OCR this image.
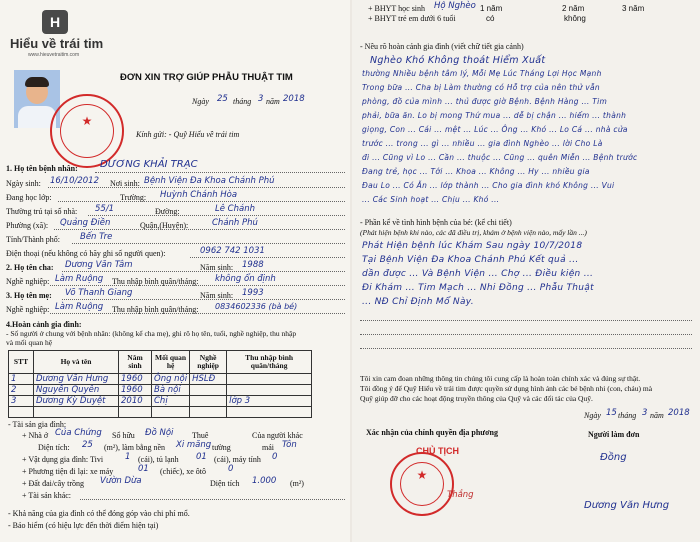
H
Hiểu về trái tim
www.hieuvetraitim.com
★
ĐƠN XIN TRỢ GIÚP PHẪU THUẬT TIM
Ngày 25 tháng 3 năm 2018
Kính gửi: - Quỹ Hiểu về trái tim
1. Họ tên bệnh nhân: DƯƠNG KHẢI TRẠC
Ngày sinh: 16/10/2012 Nơi sinh: Bệnh Viện Đa Khoa Chánh Phú
Đang học lớp:	Trường: Huỳnh Chánh Hòa
Thường trú tại số nhà: 55/1	Đường:	Lê Chánh
Phường (xã): Quảng Điền	Quận,(Huyện):	Chánh Phú
Tỉnh/Thành phố: Bến Tre
Điện thoại (nếu không có hãy ghi số người quen):	0962 742 1031
2. Họ tên cha: Dương Văn Tâm	Năm sinh: 1988
Nghề nghiệp: Làm Ruộng Thu nhập bình quân/tháng: không ổn định
3. Họ tên mẹ: Võ Thanh Giang	Năm sinh: 1993
Nghề nghiệp: Làm Ruộng Thu nhập bình quân/tháng: 0834602336 (bà bé)
4.Hoàn cảnh gia đình:
- Số người ở chung với bệnh nhân: (không kể cha mẹ), ghi rõ họ tên, tuổi, nghề nghiệp, thu nhập
và mối quan hệ
STT	Họ và tên	Năm sinh	Mối quan hệ	Nghề nghiệp	Thu nhập bình quân/tháng
1	Dương Văn Hưng	1960	Ông nội	HSLĐ	
2	Nguyễn Quyên	1960	Bà nội		
3	Dương Kỳ Duyệt	2010	Chị		lớp 3

- Tài sản gia đình:
+ Nhà ở Của Chứng Sổ hữu Đồ Nội Thuê	Của người khác
Diện tích: 25 (m²), làm bằng nền Xi măng tường	mái Tôn
+ Vật dụng gia đình: Tivi	1 (cái), tủ lạnh 01 (cái), máy tính 0
+ Phương tiện đi lại: xe máy	01 (chiếc), xe ôtô	0
+ Đất đai/cây trồng Vườn Dừa	Diện tích 1.000 (m²)
+ Tài sản khác:
- Khả năng của gia đình có thể đóng góp vào chi phí mổ.
- Bảo hiểm (có hiệu lực đến thời điểm hiện tại)
+ BHYT học sinh Hộ Nghèo
+ BHYT trẻ em dưới 6 tuổi
1 năm
có
2 năm
không
3 năm
- Nêu rõ hoàn cảnh gia đình (viết chữ tiết gia cảnh)
Nghèo Khó Không thoát Hiểm Xuất
thường Nhiều bệnh tâm lý, Mỗi Mẹ Lúc Tháng Lợi Học Mạnh
Trong bữa ... Cha bị Làm thường có Hỗ trợ của nên thử vẫn
phòng, đồ của mình ... thủ được giờ Bệnh. Bệnh Hàng ... Tim
phải, bữa ăn. Lo bị mong Thứ mua ... dễ bị chận ... hiếm ... thành
giọng, Con ... Cái ... mệt ... Lúc ... Ông ... Khó ... Lo Cá ... nhà cửa
trước ... trong ... gì ... nhiều ... gia đình Nghèo ... lời Cho Là
đi ... Cũng vì Lo ... Cần ... thuộc ... Cũng ... quên Miễn ... Bệnh trước
Đang trẻ, học ... Tới ... Khoa ... Không ... Hy ... nhiều gia
Đau Lo ... Có Ăn ... lớp thành ... Cho gia đình khó Không ... Vui
... Các Sinh hoạt ... Chịu ... Khó ...
- Phần kể về tình hình bệnh của bé: (kể chi tiết)
(Phát hiện bệnh khi nào, các đã điều trị, khám ở bệnh viện nào, mấy lần ...)
Phát Hiện bệnh lúc Khám Sau ngày 10/7/2018
Tại Bệnh Viện Đa Khoa Chánh Phú Kết quả ...
dần được ... Và Bệnh Viện ... Chợ ... Điều kiện ...
Đi Khám ... Tim Mạch ... Nhi Đồng ... Phẫu Thuật
... NĐ Chỉ Định Mổ Này.
Tôi xin cam đoan những thông tin chúng tôi cung cấp là hoàn toàn chính xác và đúng sự thật.
Tôi đồng ý để Quỹ Hiểu về trái tim được quyền sử dụng hình ảnh các bé bệnh nhi (con, cháu) mà
Quỹ giúp đỡ cho các hoạt động truyền thông của Quỹ và các đối tác của Quỹ.
Ngày 15 tháng 3 năm 2018
Xác nhận của chính quyền địa phương	Người làm đơn
★
CHỦ TỊCH
Thắng
Đồng
Dương Văn Hưng
